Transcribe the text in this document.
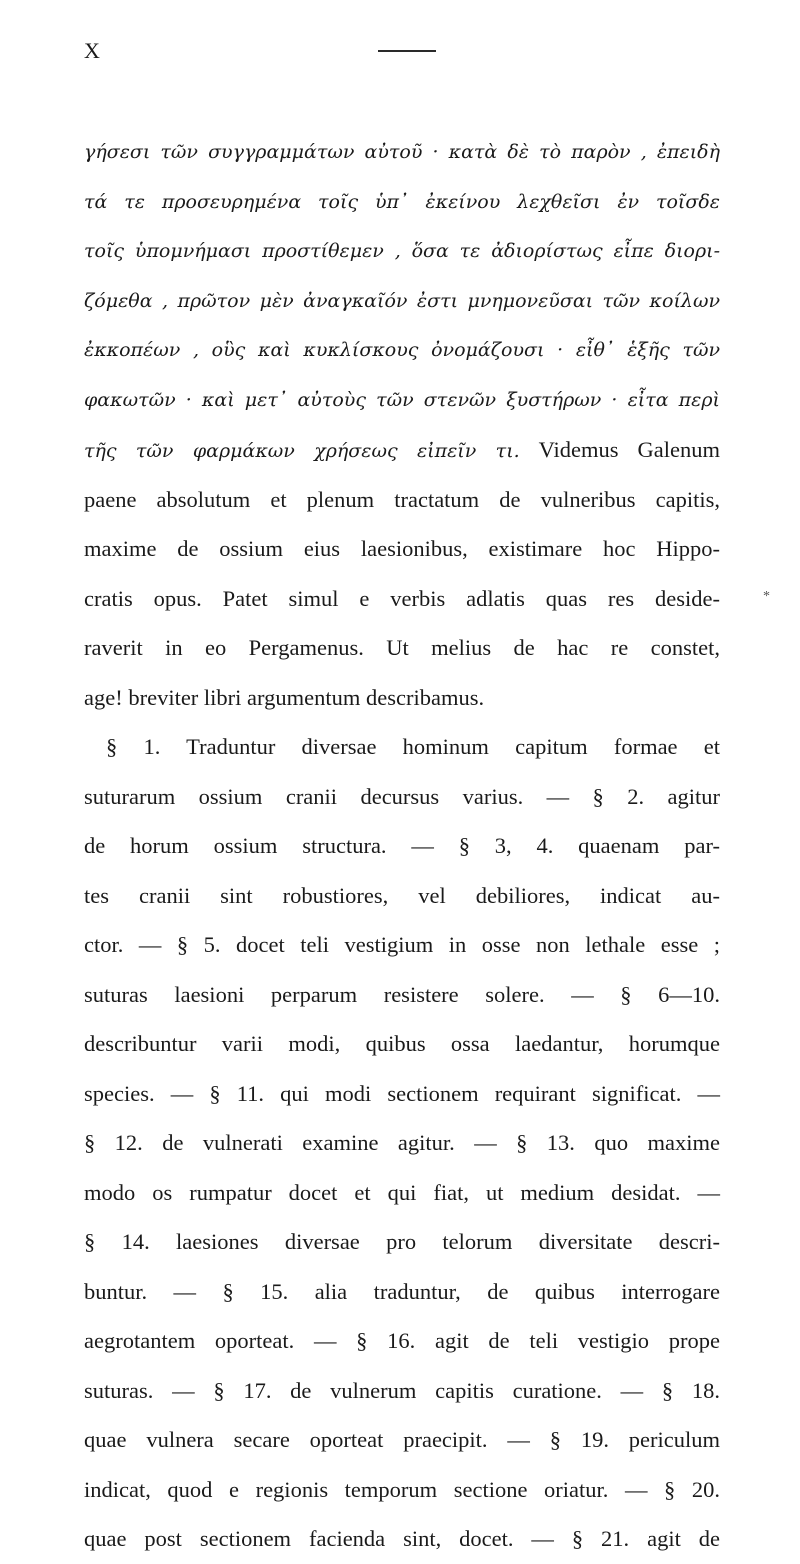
X
*
γήσεσι τῶν συγγραμμάτων αὐτοῦ · κατὰ δὲ τὸ παρὸν , ἐπειδὴ
τά τε προσευρημένα τοῖς ὑπ᾽ ἐκείνου λεχθεῖσι ἐν τοῖσδε
τοῖς ὑπομνήμασι προστίθεμεν , ὅσα τε ἀδιορίστως εἶπε διορι-
ζόμεθα , πρῶτον μὲν ἀναγκαῖόν ἐστι μνημονεῦσαι τῶν κοίλων
ἐκκοπέων , οὓς καὶ κυκλίσκους ὀνομάζουσι · εἶθ᾽ ἑξῆς τῶν
φακωτῶν · καὶ μετ᾽ αὐτοὺς τῶν στενῶν ξυστήρων · εἶτα περὶ
τῆς τῶν φαρμάκων χρήσεως εἰπεῖν τι. Videmus Galenum
paene absolutum et plenum tractatum de vulneribus capitis,
maxime de ossium eius laesionibus, existimare hoc Hippo-
cratis opus. Patet simul e verbis adlatis quas res deside-
raverit in eo Pergamenus. Ut melius de hac re constet,
age! breviter libri argumentum describamus.
§ 1. Traduntur diversae hominum capitum formae et
suturarum ossium cranii decursus varius. — § 2. agitur
de horum ossium structura. — § 3, 4. quaenam par-
tes cranii sint robustiores, vel debiliores, indicat au-
ctor. — § 5. docet teli vestigium in osse non lethale esse ;
suturas laesioni perparum resistere solere. — § 6—10.
describuntur varii modi, quibus ossa laedantur, horumque
species. — § 11. qui modi sectionem requirant significat. —
§ 12. de vulnerati examine agitur. — § 13. quo maxime
modo os rumpatur docet et qui fiat, ut medium desidat. —
§ 14. laesiones diversae pro telorum diversitate descri-
buntur. — § 15. alia traduntur, de quibus interrogare
aegrotantem oporteat. — § 16. agit de teli vestigio prope
suturas. — § 17. de vulnerum capitis curatione. — § 18.
quae vulnera secare oporteat praecipit. — § 19. periculum
indicat, quod e regionis temporum sectione oriatur. — § 20.
quae post sectionem facienda sint, docet. — § 21. agit de
